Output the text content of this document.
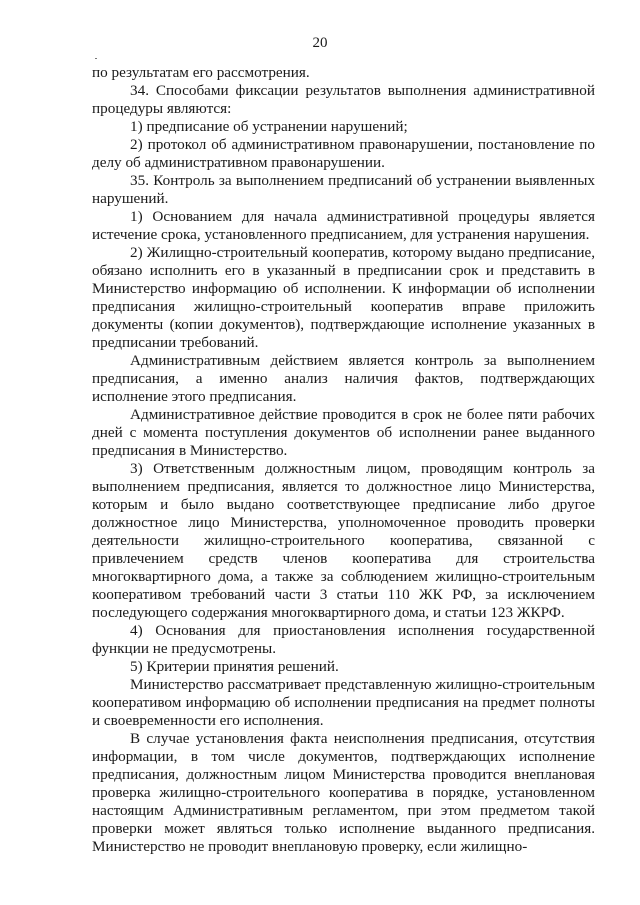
20

по результатам его рассмотрения.

34. Способами фиксации результатов выполнения административной процедуры являются:

1) предписание об устранении нарушений;

2) протокол об административном правонарушении, постановление по делу об административном правонарушении.

35. Контроль за выполнением предписаний об устранении выявленных нарушений.

1) Основанием для начала административной процедуры является истечение срока, установленного предписанием, для устранения нарушения.

2) Жилищно-строительный кооператив, которому выдано предписание, обязано исполнить его в указанный в предписании срок и представить в Министерство информацию об исполнении. К информации об исполнении предписания жилищно-строительный кооператив вправе приложить документы (копии документов), подтверждающие исполнение указанных в предписании требований.

Административным действием является контроль за выполнением предписания, а именно анализ наличия фактов, подтверждающих исполнение этого предписания.

Административное действие проводится в срок не более пяти рабочих дней с момента поступления документов об исполнении ранее выданного предписания в Министерство.

3) Ответственным должностным лицом, проводящим контроль за выполнением предписания, является то должностное лицо Министерства, которым и было выдано соответствующее предписание либо другое должностное лицо Министерства, уполномоченное проводить проверки деятельности жилищно-строительного кооператива, связанной с привлечением средств членов кооператива для строительства многоквартирного дома, а также за соблюдением жилищно-строительным кооперативом требований части 3 статьи 110 ЖК РФ, за исключением последующего содержания многоквартирного дома, и статьи 123 ЖКРФ.

4) Основания для приостановления исполнения государственной функции не предусмотрены.

5) Критерии принятия решений.

Министерство рассматривает представленную жилищно-строительным кооперативом информацию об исполнении предписания на предмет полноты и своевременности его исполнения.

В случае установления факта неисполнения предписания, отсутствия информации, в том числе документов, подтверждающих исполнение предписания, должностным лицом Министерства проводится внеплановая проверка жилищно-строительного кооператива в порядке, установленном настоящим Административным регламентом, при этом предметом такой проверки может являться только исполнение выданного предписания. Министерство не проводит внеплановую проверку, если жилищно-
